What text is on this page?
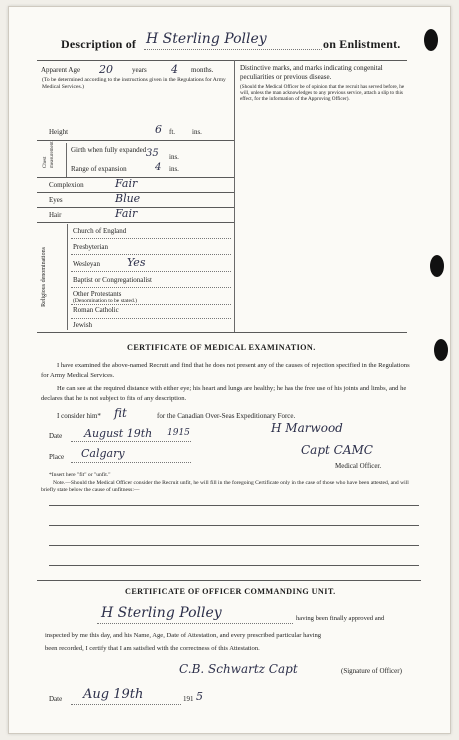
Description of H Sterling Polley	on Enlistment.
Apparent Age 20	years 4 months.
(To be determined according to the instructions given in the Regulations for Army Medical Services.)
Height	6 ft. ins.
Chest measurement Girth when fully expanded 35 ins.
Range of expansion	4 ins.
Complexion	Fair
Eyes	Blue
Hair	Fair
Religious denominations
Church of England
Presbyterian
Wesleyan Yes
Baptist or Congregationalist
Other Protestants
(Denomination to be stated.)
Roman Catholic
Jewish
Distinctive marks, and marks indicating congenital peculiarities or previous disease.
(Should the Medical Officer be of opinion that the recruit has served before, he will, unless the man acknowledges to any previous service, attach a slip to this effect, for the information of the Approving Officer).
CERTIFICATE OF MEDICAL EXAMINATION.
I have examined the above-named Recruit and find that he does not present any of the causes of rejection specified in the Regulations for Army Medical Services.
He can see at the required distance with either eye; his heart and lungs are healthy; he has the free use of his joints and limbs, and he declares that he is not subject to fits of any description.
I consider him* fit	for the Canadian Over-Seas Expeditionary Force.
Date August 19th 1915
Place Calgary
H Marwood
Capt CAMC
Medical Officer.
*Insert here "fit" or "unfit."
Note.—Should the Medical Officer consider the Recruit unfit, he will fill in the foregoing Certificate only in the case of those who have been attested, and will briefly state below the cause of unfitness:—
CERTIFICATE OF OFFICER COMMANDING UNIT.
H Sterling Polley	having been finally approved and
inspected by me this day, and his Name, Age, Date of Attestation, and every prescribed particular having
been recorded, I certify that I am satisfied with the correctness of this Attestation.
C.B. Schwartz Capt	(Signature of Officer)
Date Aug 19th	191 5
